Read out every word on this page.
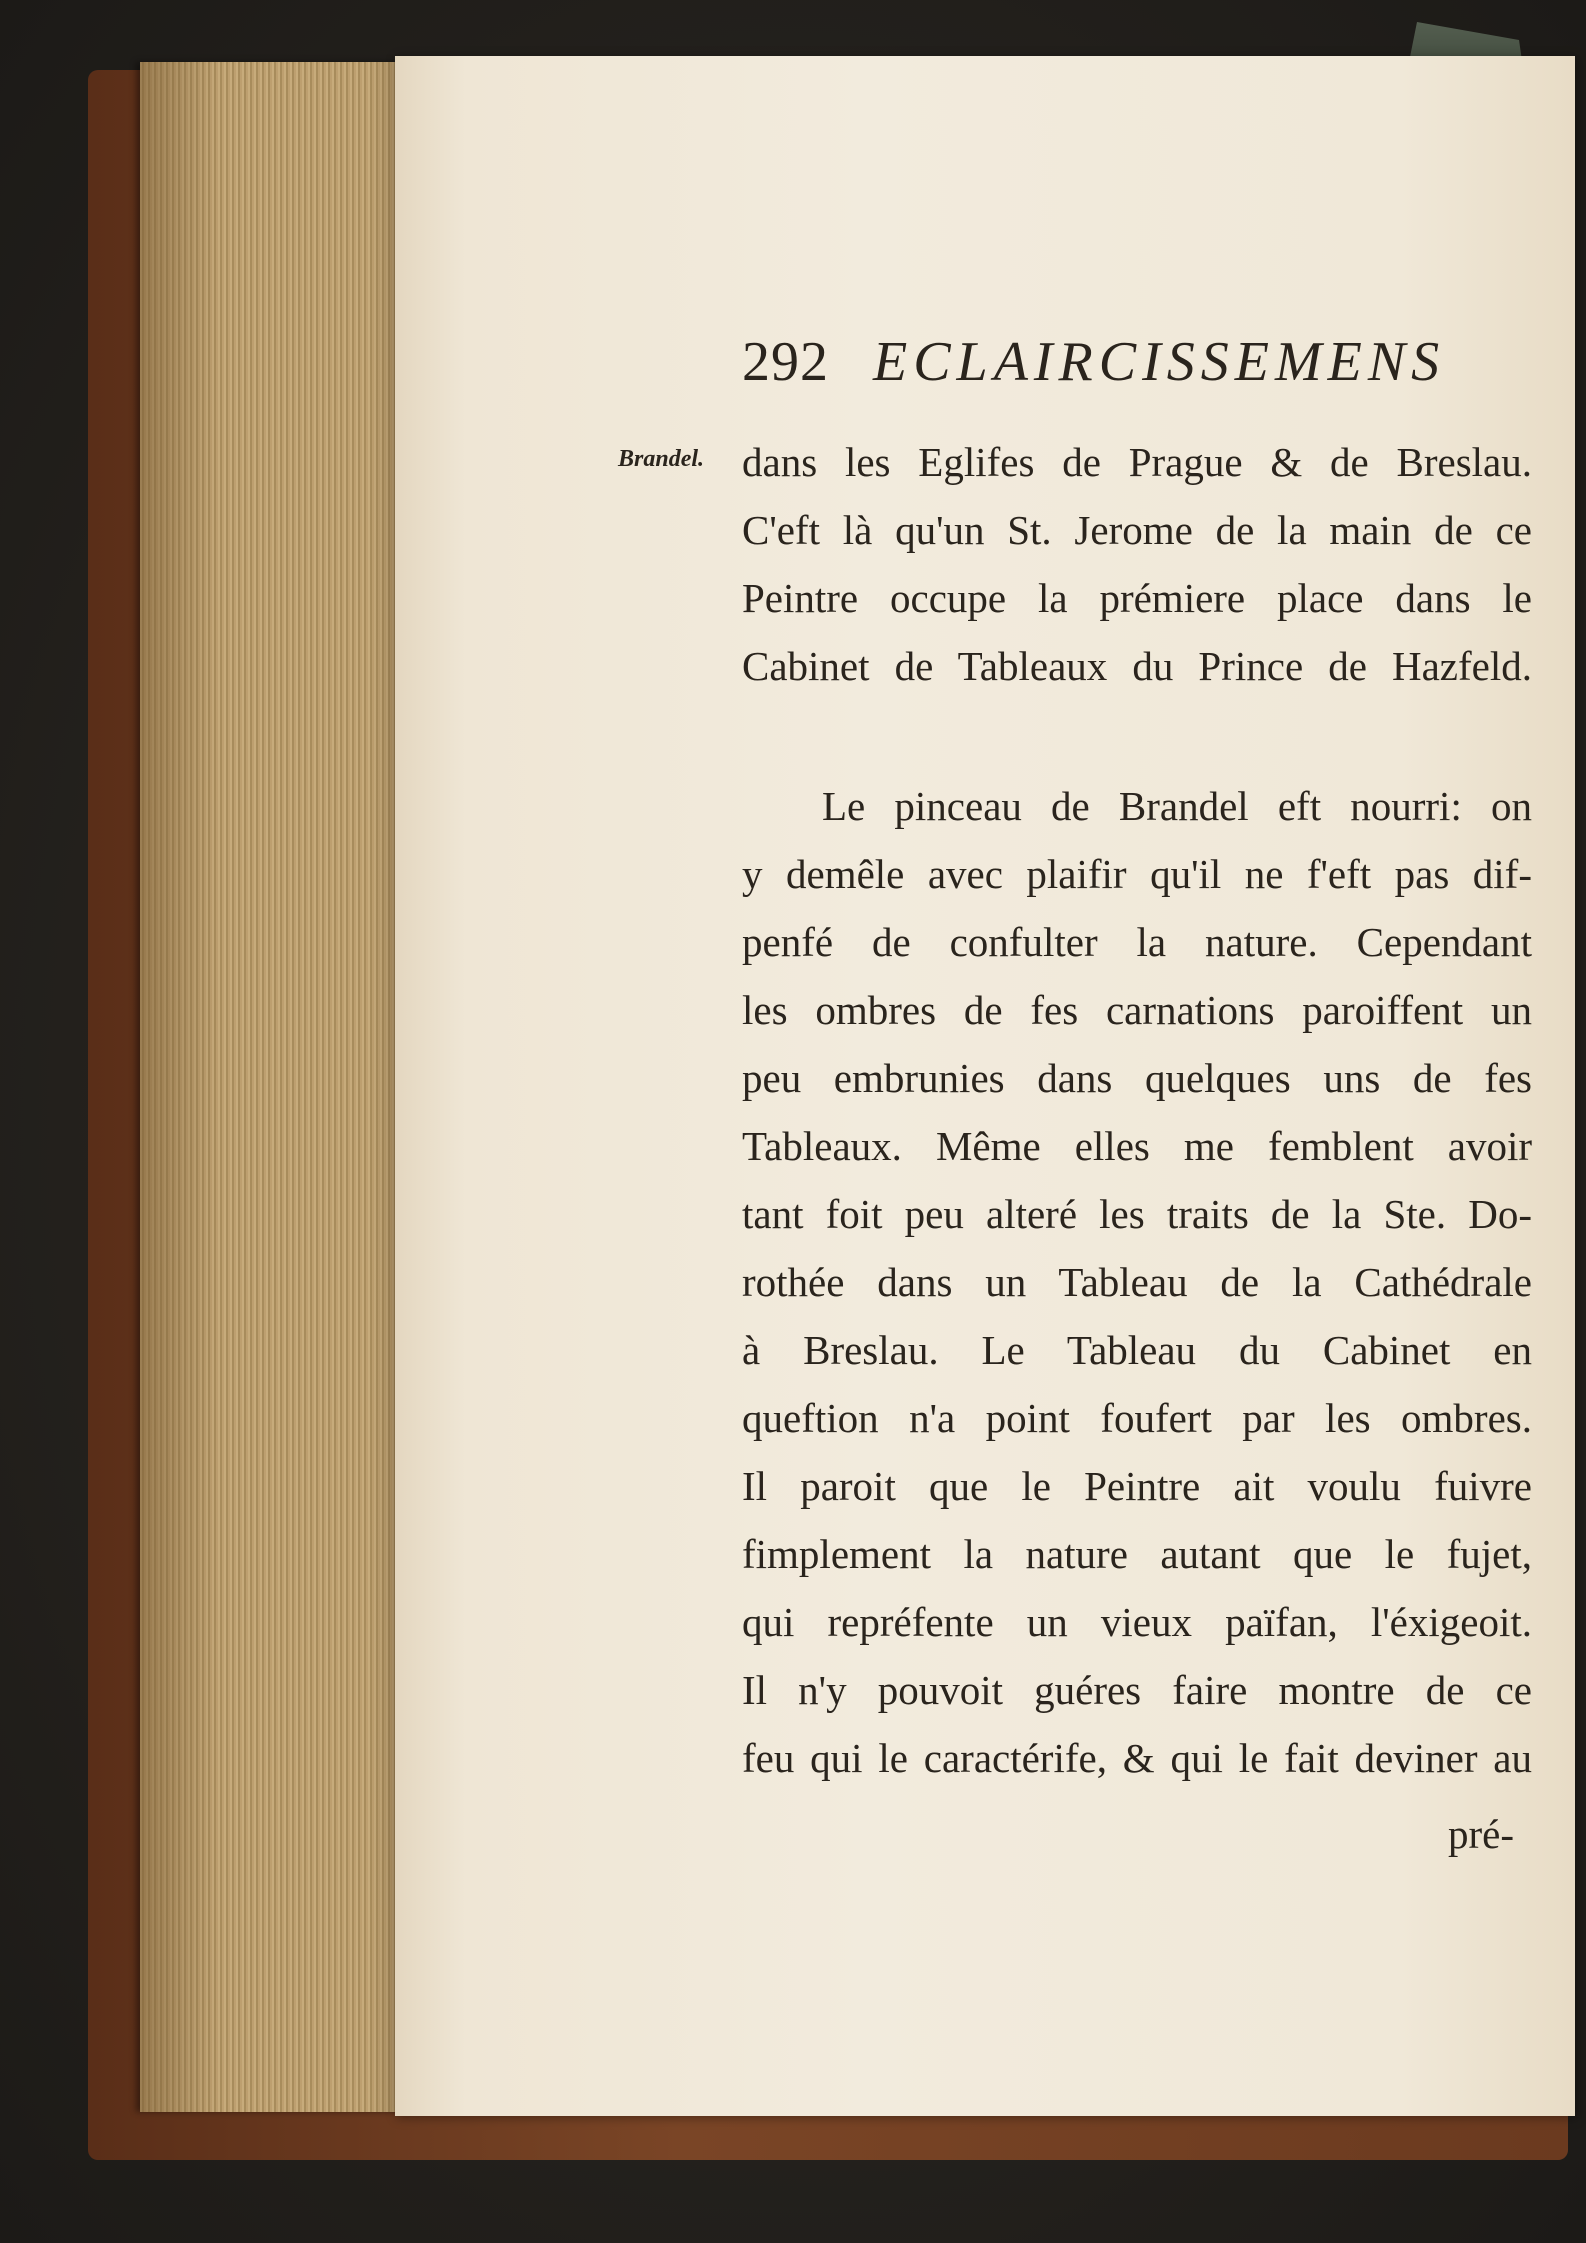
292 ECLAIRCISSEMENS
Brandel. dans les Eglifes de Prague & de Breslau.
C'eft là qu'un St. Jerome de la main de ce
Peintre occupe la prémiere place dans le
Cabinet de Tableaux du Prince de Hazfeld.
Le pinceau de Brandel eft nourri: on
y demêle avec plaifir qu'il ne f'eft pas dif-
penfé de confulter la nature. Cependant
les ombres de fes carnations paroiffent un
peu embrunies dans quelques uns de fes
Tableaux. Même elles me femblent avoir
tant foit peu alteré les traits de la Ste. Do-
rothée dans un Tableau de la Cathédrale
à Breslau. Le Tableau du Cabinet en
queftion n'a point foufert par les ombres.
Il paroit que le Peintre ait voulu fuivre
fimplement la nature autant que le fujet,
qui repréfente un vieux païfan, l'éxigeoit.
Il n'y pouvoit guéres faire montre de ce
feu qui le caractérife, & qui le fait deviner au
pré-
